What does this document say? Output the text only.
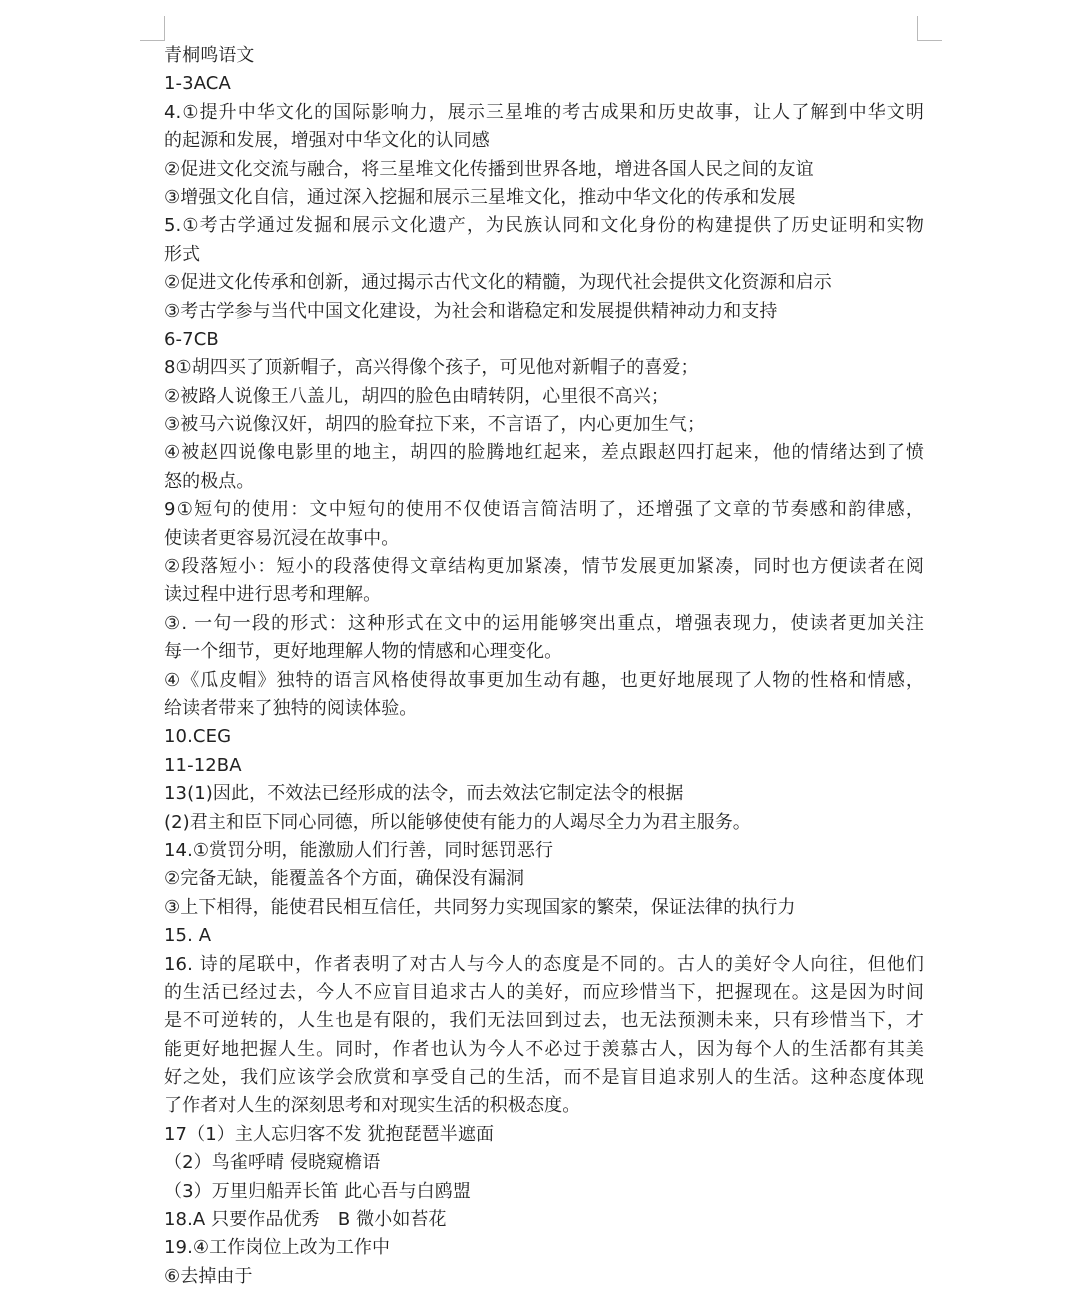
青桐鸣语文
1-3ACA
4.①提升中华文化的国际影响力，展示三星堆的考古成果和历史故事，让人了解到中华文明
的起源和发展，增强对中华文化的认同感
②促进文化交流与融合，将三星堆文化传播到世界各地，增进各国人民之间的友谊
③增强文化自信，通过深入挖掘和展示三星堆文化，推动中华文化的传承和发展
5.①考古学通过发掘和展示文化遗产，为民族认同和文化身份的构建提供了历史证明和实物
形式
②促进文化传承和创新，通过揭示古代文化的精髓，为现代社会提供文化资源和启示
③考古学参与当代中国文化建设，为社会和谐稳定和发展提供精神动力和支持
6-7CB
8①胡四买了顶新帽子，高兴得像个孩子，可见他对新帽子的喜爱；
②被路人说像王八盖儿，胡四的脸色由晴转阴，心里很不高兴；
③被马六说像汉奸，胡四的脸耷拉下来，不言语了，内心更加生气；
④被赵四说像电影里的地主，胡四的脸腾地红起来，差点跟赵四打起来，他的情绪达到了愤
怒的极点。
9①短句的使用：文中短句的使用不仅使语言简洁明了，还增强了文章的节奏感和韵律感，
使读者更容易沉浸在故事中。
②段落短小：短小的段落使得文章结构更加紧凑，情节发展更加紧凑，同时也方便读者在阅
读过程中进行思考和理解。
③. 一句一段的形式：这种形式在文中的运用能够突出重点，增强表现力，使读者更加关注
每一个细节，更好地理解人物的情感和心理变化。
④《瓜皮帽》独特的语言风格使得故事更加生动有趣，也更好地展现了人物的性格和情感，
给读者带来了独特的阅读体验。
10.CEG
11-12BA
13(1)因此，不效法已经形成的法令，而去效法它制定法令的根据
(2)君主和臣下同心同德，所以能够使使有能力的人竭尽全力为君主服务。
14.①赏罚分明，能激励人们行善，同时惩罚恶行
②完备无缺，能覆盖各个方面，确保没有漏洞
③上下相得，能使君民相互信任，共同努力实现国家的繁荣，保证法律的执行力
15. A
16. 诗的尾联中，作者表明了对古人与今人的态度是不同的。古人的美好令人向往，但他们
的生活已经过去，今人不应盲目追求古人的美好，而应珍惜当下，把握现在。这是因为时间
是不可逆转的，人生也是有限的，我们无法回到过去，也无法预测未来，只有珍惜当下，才
能更好地把握人生。同时，作者也认为今人不必过于羡慕古人，因为每个人的生活都有其美
好之处，我们应该学会欣赏和享受自己的生活，而不是盲目追求别人的生活。这种态度体现
了作者对人生的深刻思考和对现实生活的积极态度。
17（1）主人忘归客不发 犹抱琵琶半遮面
（2）鸟雀呼晴 侵晓窥檐语
（3）万里归船弄长笛 此心吾与白鸥盟
18.A 只要作品优秀　B 微小如苔花
19.④工作岗位上改为工作中
⑥去掉由于
